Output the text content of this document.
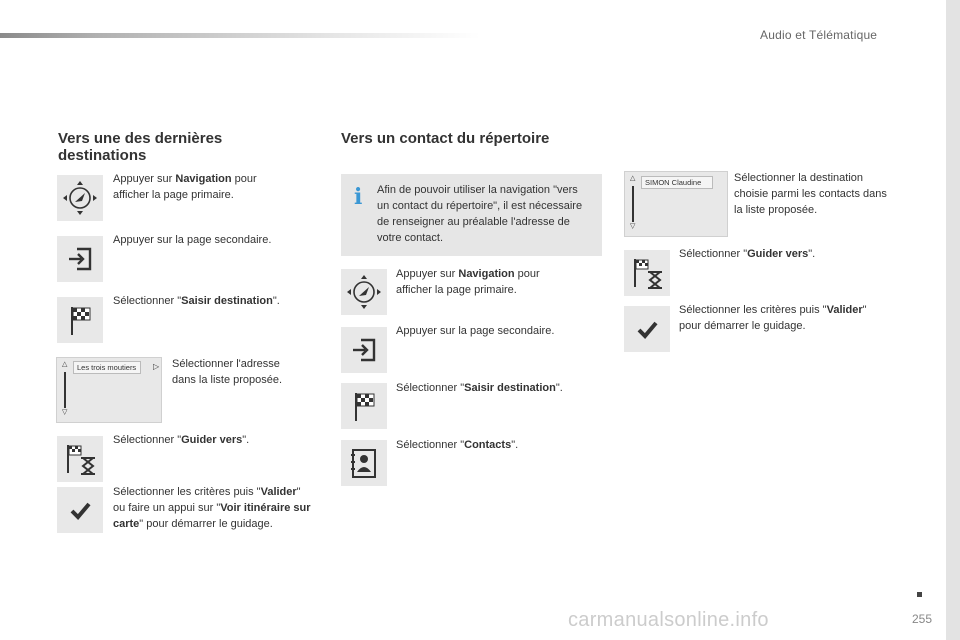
Audio et Télématique
Vers une des dernières destinations
Appuyer sur Navigation pour afficher la page primaire.
Appuyer sur la page secondaire.
Sélectionner "Saisir destination".
Les trois moutiers
△
▽
▷ Sélectionner l'adresse dans la liste proposée.
Sélectionner "Guider vers".
Sélectionner les critères puis "Valider" ou faire un appui sur "Voir itinéraire sur carte" pour démarrer le guidage.
Vers un contact du répertoire
i Afin de pouvoir utiliser la navigation "vers un contact du répertoire", il est nécessaire de renseigner au préalable l'adresse de votre contact.
Appuyer sur Navigation pour afficher la page primaire.
Appuyer sur la page secondaire.
Sélectionner "Saisir destination".
Sélectionner "Contacts".
SIMON Claudine
△
▽
Sélectionner la destination choisie parmi les contacts dans la liste proposée.
Sélectionner "Guider vers".
Sélectionner les critères puis "Valider" pour démarrer le guidage.
carmanualsonline.info	255
